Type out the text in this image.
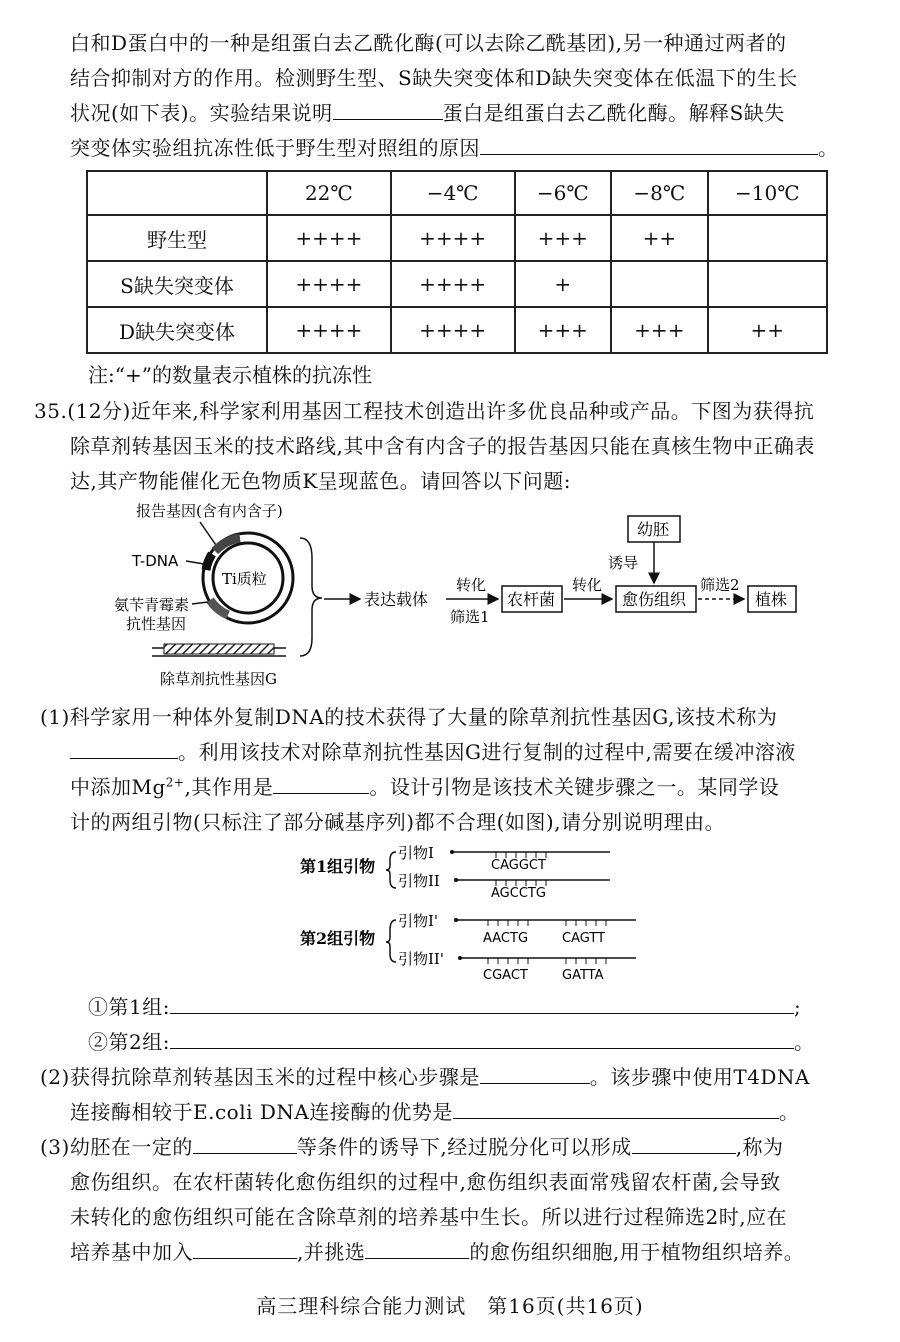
白和D蛋白中的一种是组蛋白去乙酰化酶(可以去除乙酰基团),另一种通过两者的
结合抑制对方的作用。检测野生型、S缺失突变体和D缺失突变体在低温下的生长
状况(如下表)。实验结果说明	蛋白是组蛋白去乙酰化酶。解释S缺失
突变体实验组抗冻性低于野生型对照组的原因	。
	22℃	−4℃	−6℃	−8℃	−10℃
野生型	++++	++++	+++	++	
S缺失突变体	++++	++++	+		
D缺失突变体	++++	++++	+++	+++	++
注:“+”的数量表示植株的抗冻性
35.(12分)近年来,科学家利用基因工程技术创造出许多优良品种或产品。下图为获得抗
除草剂转基因玉米的技术路线,其中含有内含子的报告基因只能在真核生物中正确表
达,其产物能催化无色物质K呈现蓝色。请回答以下问题:
报告基因(含有内含子)
Ti质粒
T-DNA
氨苄青霉素
抗性基因
除草剂抗性基因G
表达载体
转化
筛选1
农杆菌
转化
愈伤组织
幼胚
诱导
筛选2
植株
(1)科学家用一种体外复制DNA的技术获得了大量的除草剂抗性基因G,该技术称为
。利用该技术对除草剂抗性基因G进行复制的过程中,需要在缓冲溶液
中添加$Mg^{2+}$,其作用是	。设计引物是该技术关键步骤之一。某同学设
计的两组引物(只标注了部分碱基序列)都不合理(如图),请分别说明理由。
第1组引物
引物I
CAGGCT
引物II
AGCCTG
第2组引物
引物I'
AACTG	CAGTT
引物II'
CGACT	GATTA
①第1组:	;
②第2组:	。
(2)获得抗除草剂转基因玉米的过程中核心步骤是	。该步骤中使用T4DNA
连接酶相较于E.coli DNA连接酶的优势是	。
(3)幼胚在一定的	等条件的诱导下,经过脱分化可以形成	,称为
愈伤组织。在农杆菌转化愈伤组织的过程中,愈伤组织表面常残留农杆菌,会导致
未转化的愈伤组织可能在含除草剂的培养基中生长。所以进行过程筛选2时,应在
培养基中加入	,并挑选	的愈伤组织细胞,用于植物组织培养。
高三理科综合能力测试　第16页(共16页)
